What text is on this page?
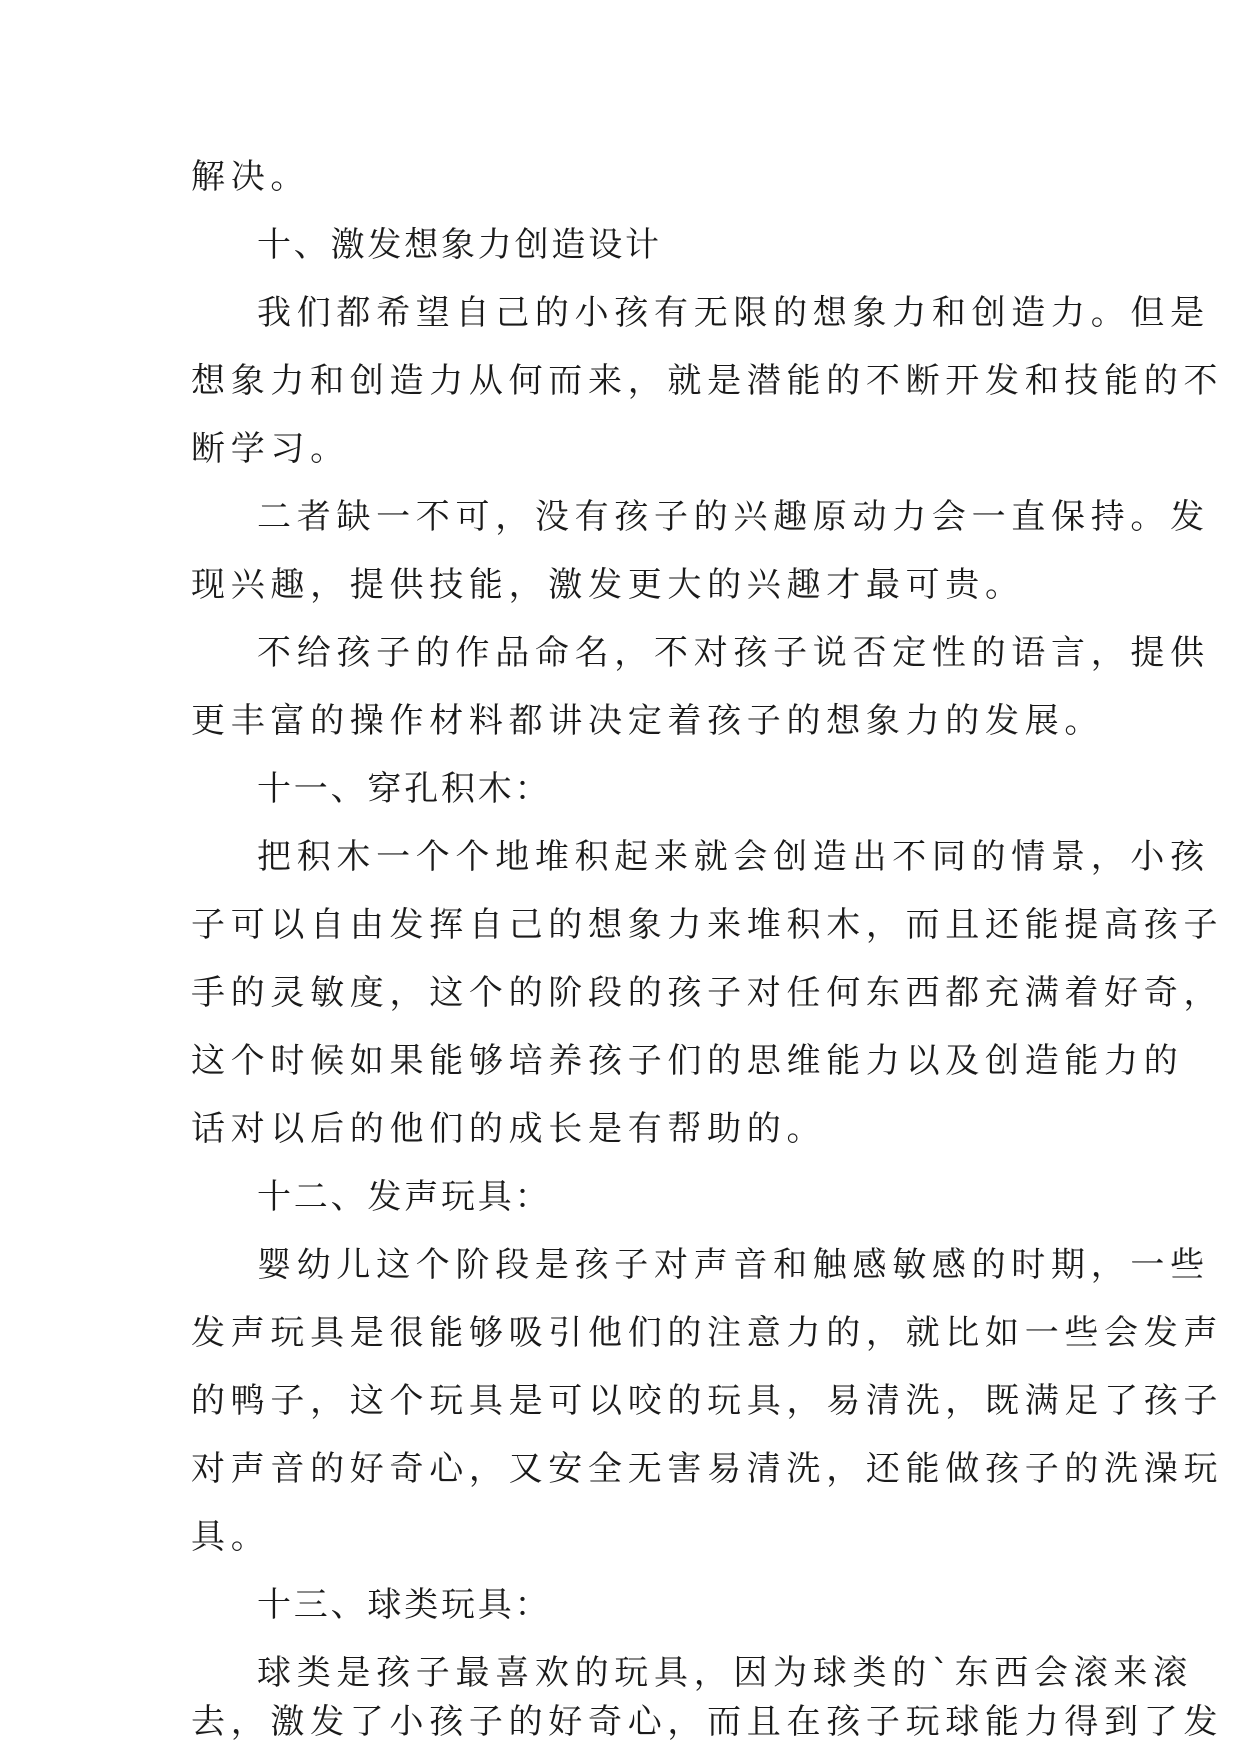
解决。
十、激发想象力创造设计
我们都希望自己的小孩有无限的想象力和创造力。但是
想象力和创造力从何而来，就是潜能的不断开发和技能的不
断学习。
二者缺一不可，没有孩子的兴趣原动力会一直保持。发
现兴趣，提供技能，激发更大的兴趣才最可贵。
不给孩子的作品命名，不对孩子说否定性的语言，提供
更丰富的操作材料都讲决定着孩子的想象力的发展。
十一、穿孔积木：
把积木一个个地堆积起来就会创造出不同的情景，小孩
子可以自由发挥自己的想象力来堆积木，而且还能提高孩子
手的灵敏度，这个的阶段的孩子对任何东西都充满着好奇，
这个时候如果能够培养孩子们的思维能力以及创造能力的
话对以后的他们的成长是有帮助的。
十二、发声玩具：
婴幼儿这个阶段是孩子对声音和触感敏感的时期，一些
发声玩具是很能够吸引他们的注意力的，就比如一些会发声
的鸭子，这个玩具是可以咬的玩具，易清洗，既满足了孩子
对声音的好奇心，又安全无害易清洗，还能做孩子的洗澡玩
具。
十三、球类玩具：
球类是孩子最喜欢的玩具，因为球类的`东西会滚来滚
去，激发了小孩子的好奇心，而且在孩子玩球能力得到了发
